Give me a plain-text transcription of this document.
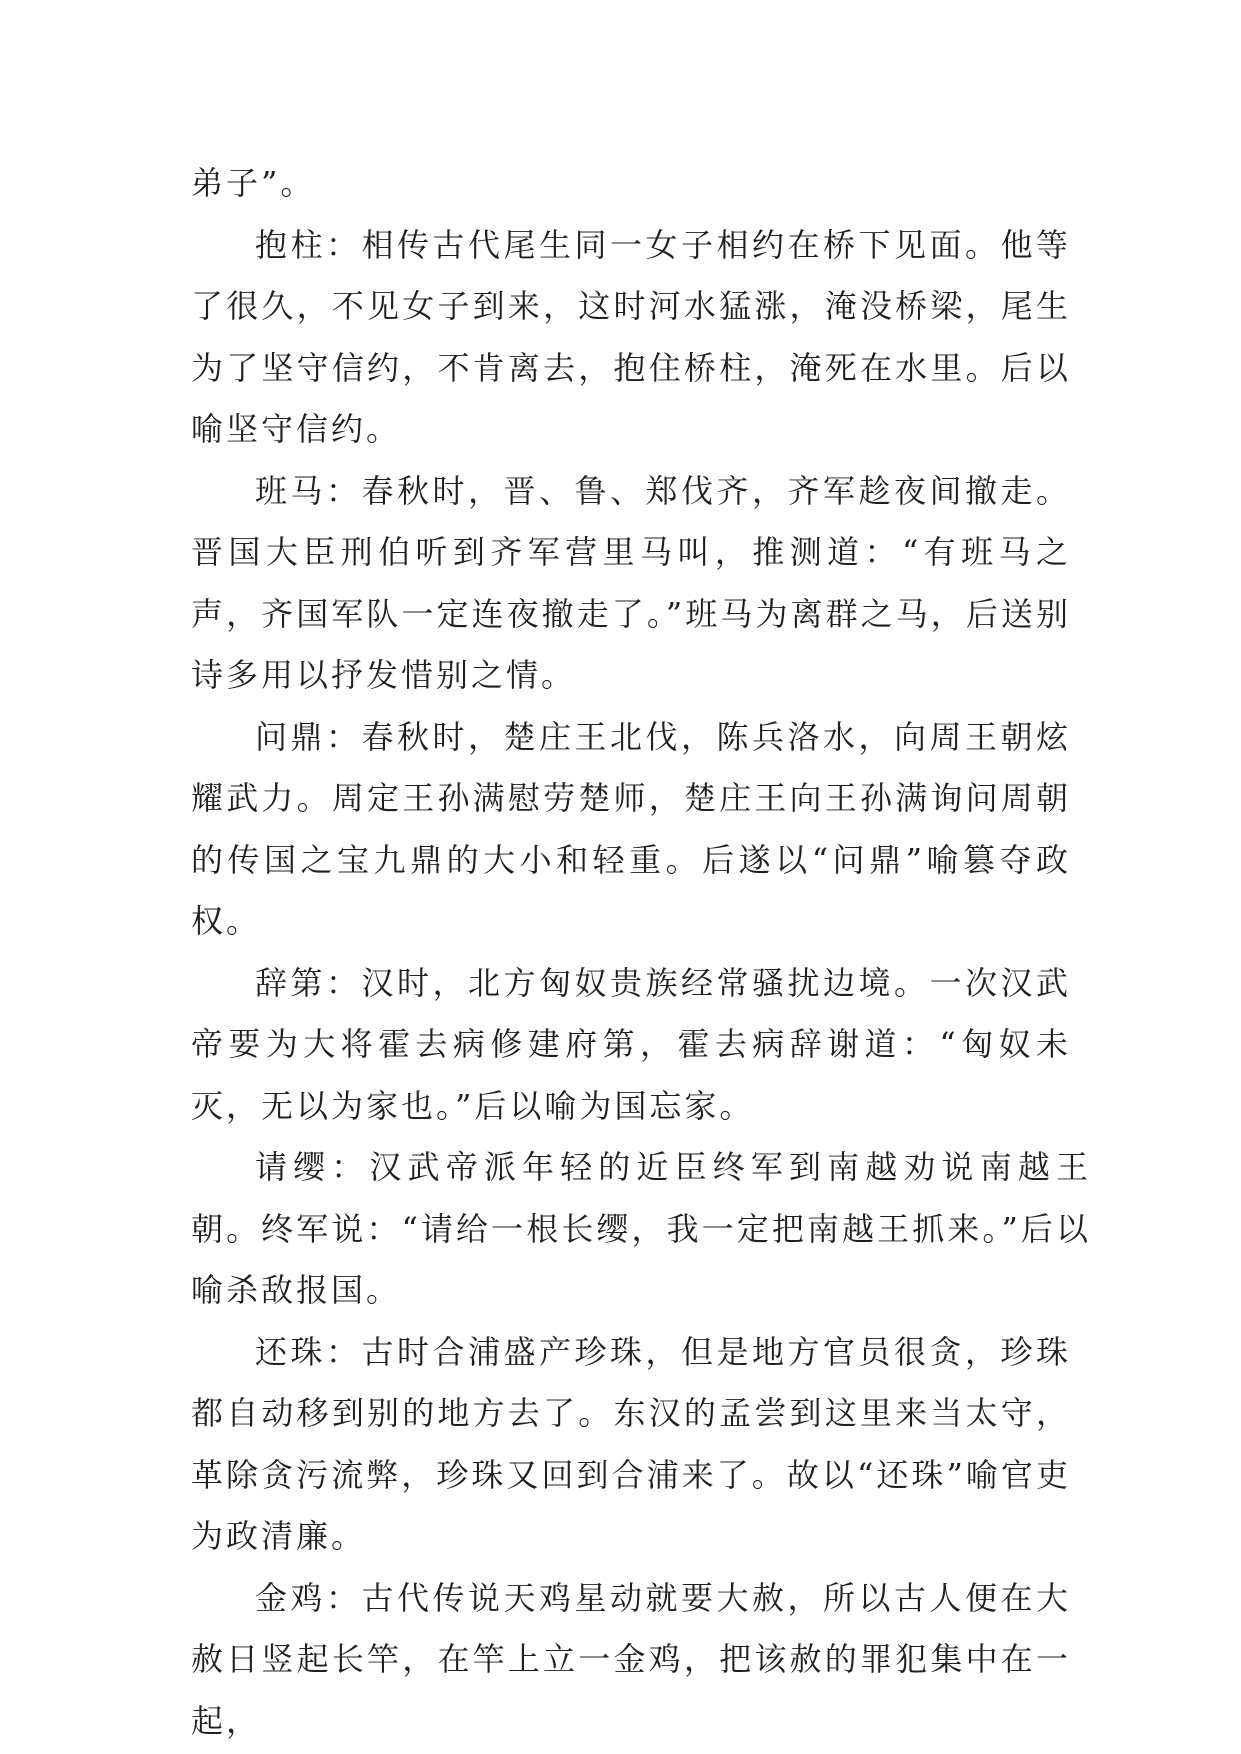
弟子”。

抱柱：相传古代尾生同一女子相约在桥下见面。他等了很久，不见女子到来，这时河水猛涨，淹没桥梁，尾生为了坚守信约，不肯离去，抱住桥柱，淹死在水里。后以喻坚守信约。

班马：春秋时，晋、鲁、郑伐齐，齐军趁夜间撤走。晋国大臣刑伯听到齐军营里马叫，推测道：“有班马之声，齐国军队一定连夜撤走了。”班马为离群之马，后送别诗多用以抒发惜别之情。

问鼎：春秋时，楚庄王北伐，陈兵洛水，向周王朝炫耀武力。周定王孙满慰劳楚师，楚庄王向王孙满询问周朝的传国之宝九鼎的大小和轻重。后遂以“问鼎”喻篡夺政权。

辞第：汉时，北方匈奴贵族经常骚扰边境。一次汉武帝要为大将霍去病修建府第，霍去病辞谢道：“匈奴未灭，无以为家也。”后以喻为国忘家。

请缨：汉武帝派年轻的近臣终军到南越劝说南越王朝。终军说：“请给一根长缨，我一定把南越王抓来。”后以喻杀敌报国。

还珠：古时合浦盛产珍珠，但是地方官员很贪，珍珠都自动移到别的地方去了。东汉的孟尝到这里来当太守，革除贪污流弊，珍珠又回到合浦来了。故以“还珠”喻官吏为政清廉。

金鸡：古代传说天鸡星动就要大赦，所以古人便在大赦日竖起长竿，在竿上立一金鸡，把该赦的罪犯集中在一起，
